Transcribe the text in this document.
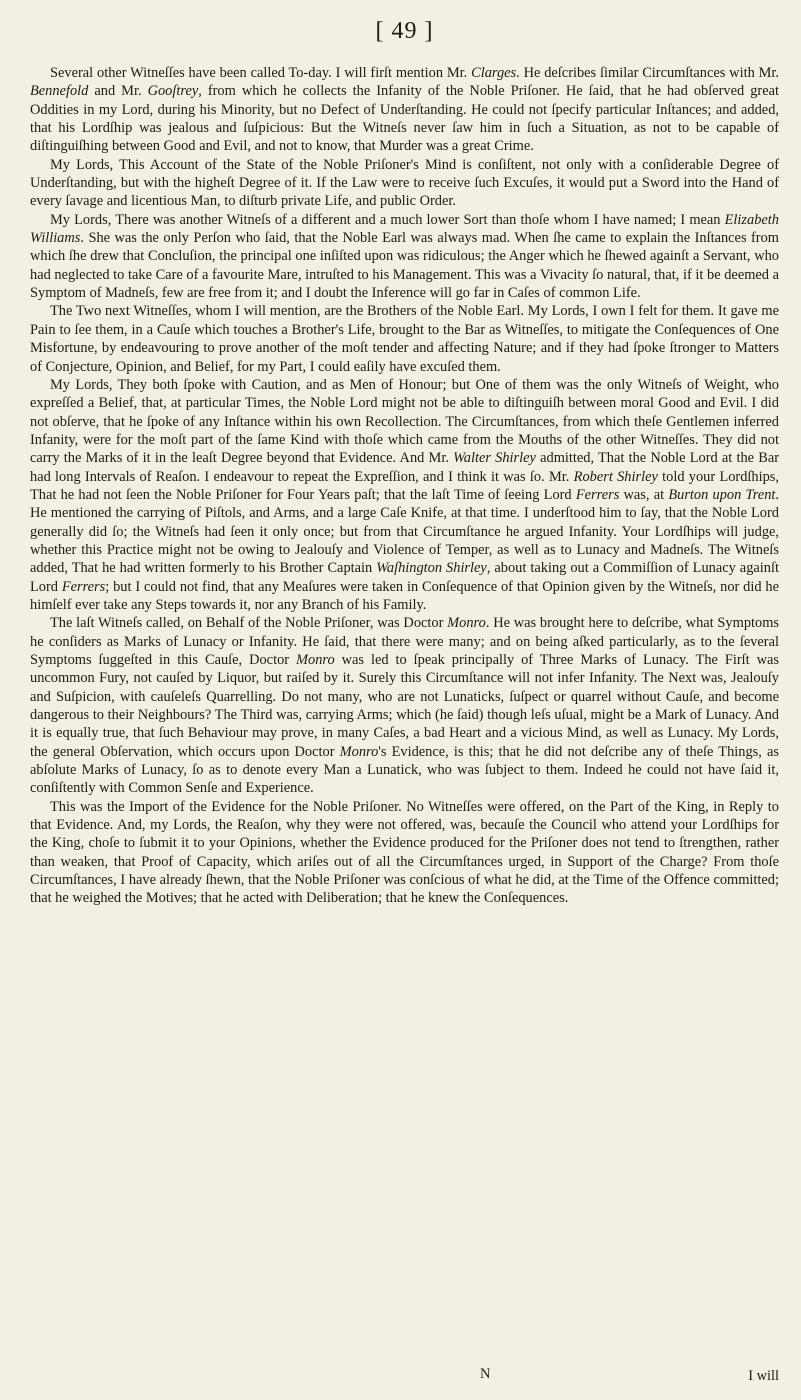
[ 49 ]

Several other Witneſſes have been called To-day. I will firſt mention Mr. Clarges. He deſcribes ſimilar Circumſtances with Mr. Bennefold and Mr. Gooſtrey, from which he collects the Infanity of the Noble Priſoner. He ſaid, that he had obſerved great Oddities in my Lord, during his Minority, but no Defect of Underſtanding. He could not ſpecify particular Inſtances; and added, that his Lordſhip was jealous and ſuſpicious: But the Witneſs never ſaw him in ſuch a Situation, as not to be capable of diſtinguiſhing between Good and Evil, and not to know, that Murder was a great Crime.

My Lords, This Account of the State of the Noble Priſoner's Mind is conſiſtent, not only with a conſiderable Degree of Underſtanding, but with the higheſt Degree of it. If the Law were to receive ſuch Excuſes, it would put a Sword into the Hand of every ſavage and licentious Man, to diſturb private Life, and public Order.

My Lords, There was another Witneſs of a different and a much lower Sort than thoſe whom I have named; I mean Elizabeth Williams. She was the only Perſon who ſaid, that the Noble Earl was always mad. When ſhe came to explain the Inſtances from which ſhe drew that Concluſion, the principal one inſiſted upon was ridiculous; the Anger which he ſhewed againſt a Servant, who had neglected to take Care of a favourite Mare, intruſted to his Management. This was a Vivacity ſo natural, that, if it be deemed a Symptom of Madneſs, few are free from it; and I doubt the Inference will go far in Caſes of common Life.

The Two next Witneſſes, whom I will mention, are the Brothers of the Noble Earl. My Lords, I own I felt for them. It gave me Pain to ſee them, in a Cauſe which touches a Brother's Life, brought to the Bar as Witneſſes, to mitigate the Conſequences of One Misfortune, by endeavouring to prove another of the moſt tender and affecting Nature; and if they had ſpoke ſtronger to Matters of Conjecture, Opinion, and Belief, for my Part, I could eaſily have excuſed them.

My Lords, They both ſpoke with Caution, and as Men of Honour; but One of them was the only Witneſs of Weight, who expreſſed a Belief, that, at particular Times, the Noble Lord might not be able to diſtinguiſh between moral Good and Evil. I did not obſerve, that he ſpoke of any Inſtance within his own Recollection. The Circumſtances, from which theſe Gentlemen inferred Infanity, were for the moſt part of the ſame Kind with thoſe which came from the Mouths of the other Witneſſes. They did not carry the Marks of it in the leaſt Degree beyond that Evidence. And Mr. Walter Shirley admitted, That the Noble Lord at the Bar had long Intervals of Reaſon. I endeavour to repeat the Expreſſion, and I think it was ſo. Mr. Robert Shirley told your Lordſhips, That he had not ſeen the Noble Priſoner for Four Years paſt; that the laſt Time of ſeeing Lord Ferrers was, at Burton upon Trent. He mentioned the carrying of Piſtols, and Arms, and a large Caſe Knife, at that time. I underſtood him to ſay, that the Noble Lord generally did ſo; the Witneſs had ſeen it only once; but from that Circumſtance he argued Infanity. Your Lordſhips will judge, whether this Practice might not be owing to Jealouſy and Violence of Temper, as well as to Lunacy and Madneſs. The Witneſs added, That he had written formerly to his Brother Captain Waſhington Shirley, about taking out a Commiſſion of Lunacy againſt Lord Ferrers; but I could not find, that any Meaſures were taken in Conſequence of that Opinion given by the Witneſs, nor did he himſelf ever take any Steps towards it, nor any Branch of his Family.

The laſt Witneſs called, on Behalf of the Noble Priſoner, was Doctor Monro. He was brought here to deſcribe, what Symptoms he conſiders as Marks of Lunacy or Infanity. He ſaid, that there were many; and on being aſked particularly, as to the ſeveral Symptoms ſuggeſted in this Cauſe, Doctor Monro was led to ſpeak principally of Three Marks of Lunacy. The Firſt was uncommon Fury, not cauſed by Liquor, but raiſed by it. Surely this Circumſtance will not infer Infanity. The Next was, Jealouſy and Suſpicion, with cauſeleſs Quarrelling. Do not many, who are not Lunaticks, ſuſpect or quarrel without Cauſe, and become dangerous to their Neighbours? The Third was, carrying Arms; which (he ſaid) though leſs uſual, might be a Mark of Lunacy. And it is equally true, that ſuch Behaviour may prove, in many Caſes, a bad Heart and a vicious Mind, as well as Lunacy. My Lords, the general Obſervation, which occurs upon Doctor Monro's Evidence, is this; that he did not deſcribe any of theſe Things, as abſolute Marks of Lunacy, ſo as to denote every Man a Lunatick, who was ſubject to them. Indeed he could not have ſaid it, conſiſtently with Common Senſe and Experience.

This was the Import of the Evidence for the Noble Priſoner. No Witneſſes were offered, on the Part of the King, in Reply to that Evidence. And, my Lords, the Reaſon, why they were not offered, was, becauſe the Council who attend your Lordſhips for the King, choſe to ſubmit it to your Opinions, whether the Evidence produced for the Priſoner does not tend to ſtrengthen, rather than weaken, that Proof of Capacity, which ariſes out of all the Circumſtances urged, in Support of the Charge? From thoſe Circumſtances, I have already ſhewn, that the Noble Priſoner was conſcious of what he did, at the Time of the Offence committed; that he weighed the Motives; that he acted with Deliberation; that he knew the Conſequences.

N	I will
